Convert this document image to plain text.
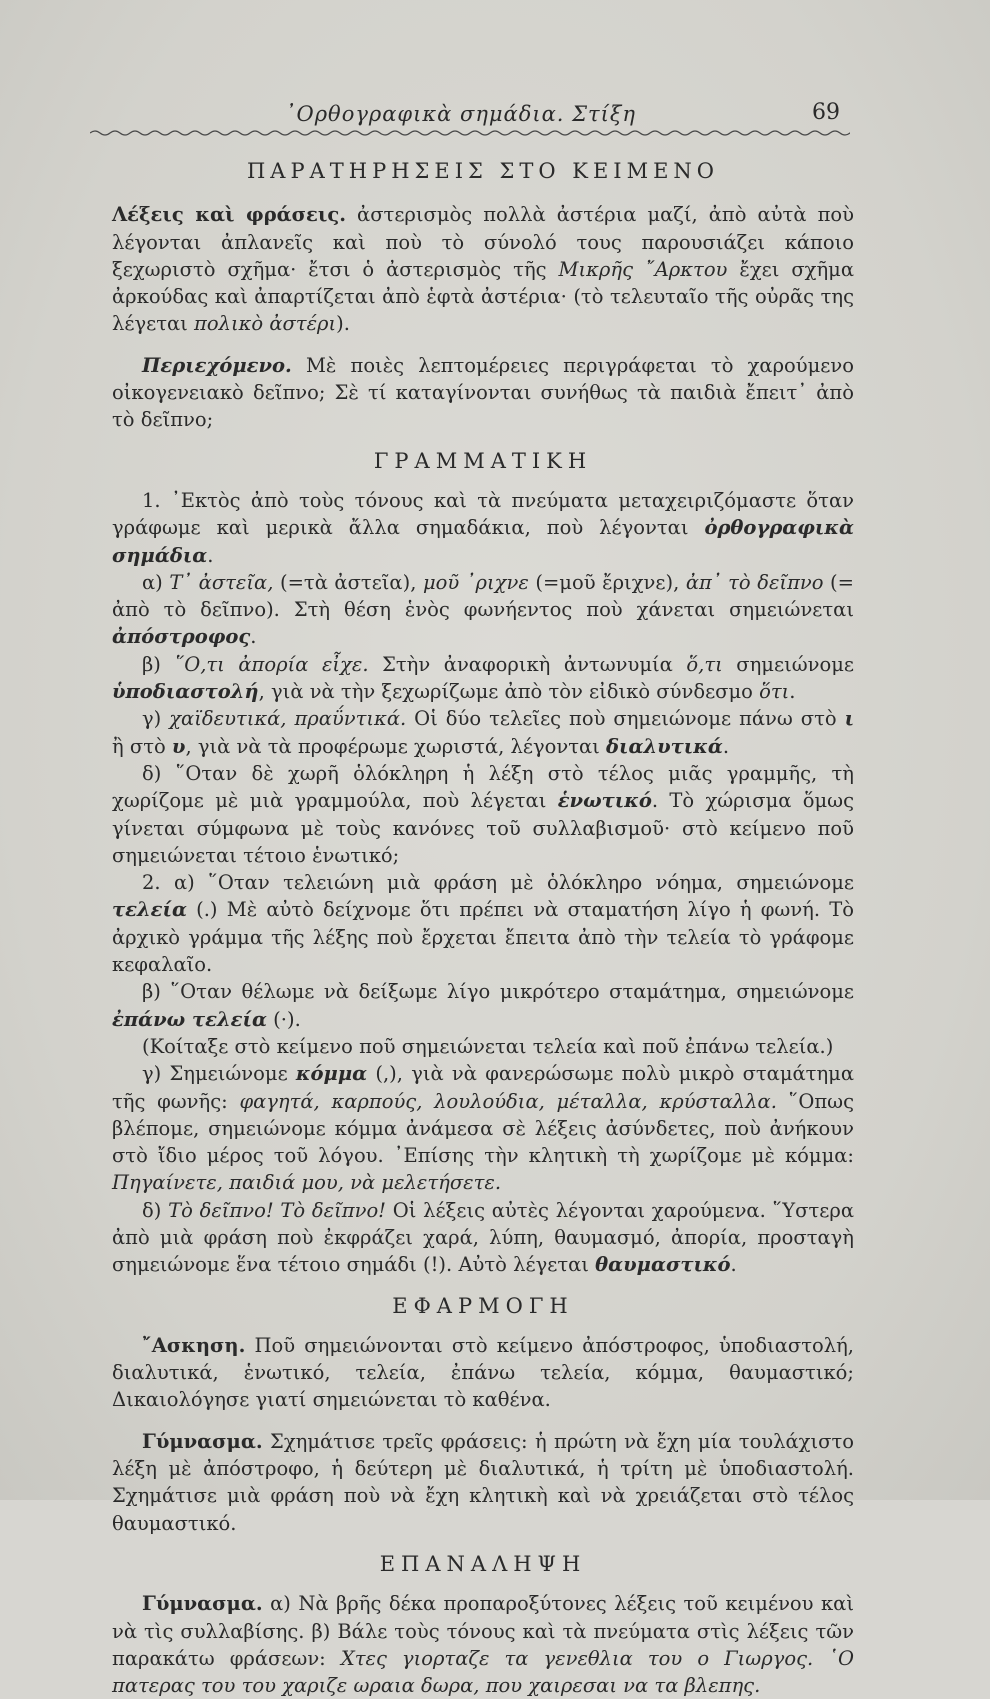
᾿Ορθογραφικὰ σημάδια. Στίξη	69
ΠΑΡΑΤΗΡΗΣΕΙΣ ΣΤΟ ΚΕΙΜΕΝΟ

Λέξεις καὶ φράσεις. ἀστερισμὸς πολλὰ ἀστέρια μαζί, ἀπὸ αὐτὰ ποὺ λέγονται ἀπλανεῖς καὶ ποὺ τὸ σύνολό τους παρουσιάζει κάποιο ξεχωριστὸ σχῆμα· ἔτσι ὁ ἀστερισμὸς τῆς Μικρῆς ῎Αρκτου ἔχει σχῆμα ἀρκούδας καὶ ἀπαρτίζεται ἀπὸ ἑφτὰ ἀστέρια· (τὸ τελευταῖο τῆς οὐρᾶς της λέγεται πολικὸ ἀστέρι).

Περιεχόμενο. Μὲ ποιὲς λεπτομέρειες περιγράφεται τὸ χαρούμενο οἰκογενειακὸ δεῖπνο; Σὲ τί καταγίνονται συνήθως τὰ παιδιὰ ἔπειτ᾿ ἀπὸ τὸ δεῖπνο;

ΓΡΑΜΜΑΤΙΚΗ

1. ᾿Εκτὸς ἀπὸ τοὺς τόνους καὶ τὰ πνεύματα μεταχειριζόμαστε ὅταν γράφωμε καὶ μερικὰ ἄλλα σημαδάκια, ποὺ λέγονται ὀρθογραφικὰ σημάδια.

α) Τ᾿ ἀστεῖα, (=τὰ ἀστεῖα), μοῦ ᾿ριχνε (=μοῦ ἔριχνε), ἀπ᾿ τὸ δεῖπνο (= ἀπὸ τὸ δεῖπνο). Στὴ θέση ἑνὸς φωνήεντος ποὺ χάνεται σημειώνεται ἀπόστροφος.

β) ῞Ο,τι ἀπορία εἶχε. Στὴν ἀναφορικὴ ἀντωνυμία ὅ,τι σημειώνομε ὑποδιαστολή, γιὰ νὰ τὴν ξεχωρίζωμε ἀπὸ τὸν εἰδικὸ σύνδεσμο ὅτι.

γ) χαϊδευτικά, πραΰντικά. Οἱ δύο τελεῖες ποὺ σημειώνομε πάνω στὸ ι ἢ στὸ υ, γιὰ νὰ τὰ προφέρωμε χωριστά, λέγονται διαλυτικά.

δ) ῞Οταν δὲ χωρῆ ὁλόκληρη ἡ λέξη στὸ τέλος μιᾶς γραμμῆς, τὴ χωρίζομε μὲ μιὰ γραμμούλα, ποὺ λέγεται ἑνωτικό. Τὸ χώρισμα ὅμως γίνεται σύμφωνα μὲ τοὺς κανόνες τοῦ συλλαβισμοῦ· στὸ κείμενο ποῦ σημειώνεται τέτοιο ἑνωτικό;

2. α) ῞Οταν τελειώνη μιὰ φράση μὲ ὁλόκληρο νόημα, σημειώνομε τελεία (.) Μὲ αὐτὸ δείχνομε ὅτι πρέπει νὰ σταματήση λίγο ἡ φωνή. Τὸ ἀρχικὸ γράμμα τῆς λέξης ποὺ ἔρχεται ἔπειτα ἀπὸ τὴν τελεία τὸ γράφομε κεφαλαῖο.

β) ῞Οταν θέλωμε νὰ δείξωμε λίγο μικρότερο σταμάτημα, σημειώνομε ἐπάνω τελεία (·).

(Κοίταξε στὸ κείμενο ποῦ σημειώνεται τελεία καὶ ποῦ ἐπάνω τελεία.)

γ) Σημειώνομε κόμμα (,), γιὰ νὰ φανερώσωμε πολὺ μικρὸ σταμάτημα τῆς φωνῆς: φαγητά, καρπούς, λουλούδια, μέταλλα, κρύσταλλα. ῞Οπως βλέπομε, σημειώνομε κόμμα ἀνάμεσα σὲ λέξεις ἀσύνδετες, ποὺ ἀνήκουν στὸ ἴδιο μέρος τοῦ λόγου. ᾿Επίσης τὴν κλητικὴ τὴ χωρίζομε μὲ κόμμα: Πηγαίνετε, παιδιά μου, νὰ μελετήσετε.

δ) Τὸ δεῖπνο! Τὸ δεῖπνο! Οἱ λέξεις αὐτὲς λέγονται χαρούμενα. ῞Υστερα ἀπὸ μιὰ φράση ποὺ ἐκφράζει χαρά, λύπη, θαυμασμό, ἀπορία, προσταγὴ σημειώνομε ἕνα τέτοιο σημάδι (!). Αὐτὸ λέγεται θαυμαστικό.

ΕΦΑΡΜΟΓΗ

῎Ασκηση. Ποῦ σημειώνονται στὸ κείμενο ἀπόστροφος, ὑποδιαστολή, διαλυτικά, ἑνωτικό, τελεία, ἐπάνω τελεία, κόμμα, θαυμαστικό; Δικαιολόγησε γιατί σημειώνεται τὸ καθένα.

Γύμνασμα. Σχημάτισε τρεῖς φράσεις: ἡ πρώτη νὰ ἔχη μία τουλάχιστο λέξη μὲ ἀπόστροφο, ἡ δεύτερη μὲ διαλυτικά, ἡ τρίτη μὲ ὑποδιαστολή. Σχημάτισε μιὰ φράση ποὺ νὰ ἔχη κλητικὴ καὶ νὰ χρειάζεται στὸ τέλος θαυμαστικό.

ΕΠΑΝΑΛΗΨΗ

Γύμνασμα. α) Νὰ βρῆς δέκα προπαροξύτονες λέξεις τοῦ κειμένου καὶ νὰ τὶς συλλαβίσης. β) Βάλε τοὺς τόνους καὶ τὰ πνεύματα στὶς λέξεις τῶν παρακάτω φράσεων: Χτες γιορταζε τα γενεθλια του ο Γιωργος. ῾Ο πατερας του του χαριζε ωραια δωρα, που χαιρεσαι να τα βλεπης.
